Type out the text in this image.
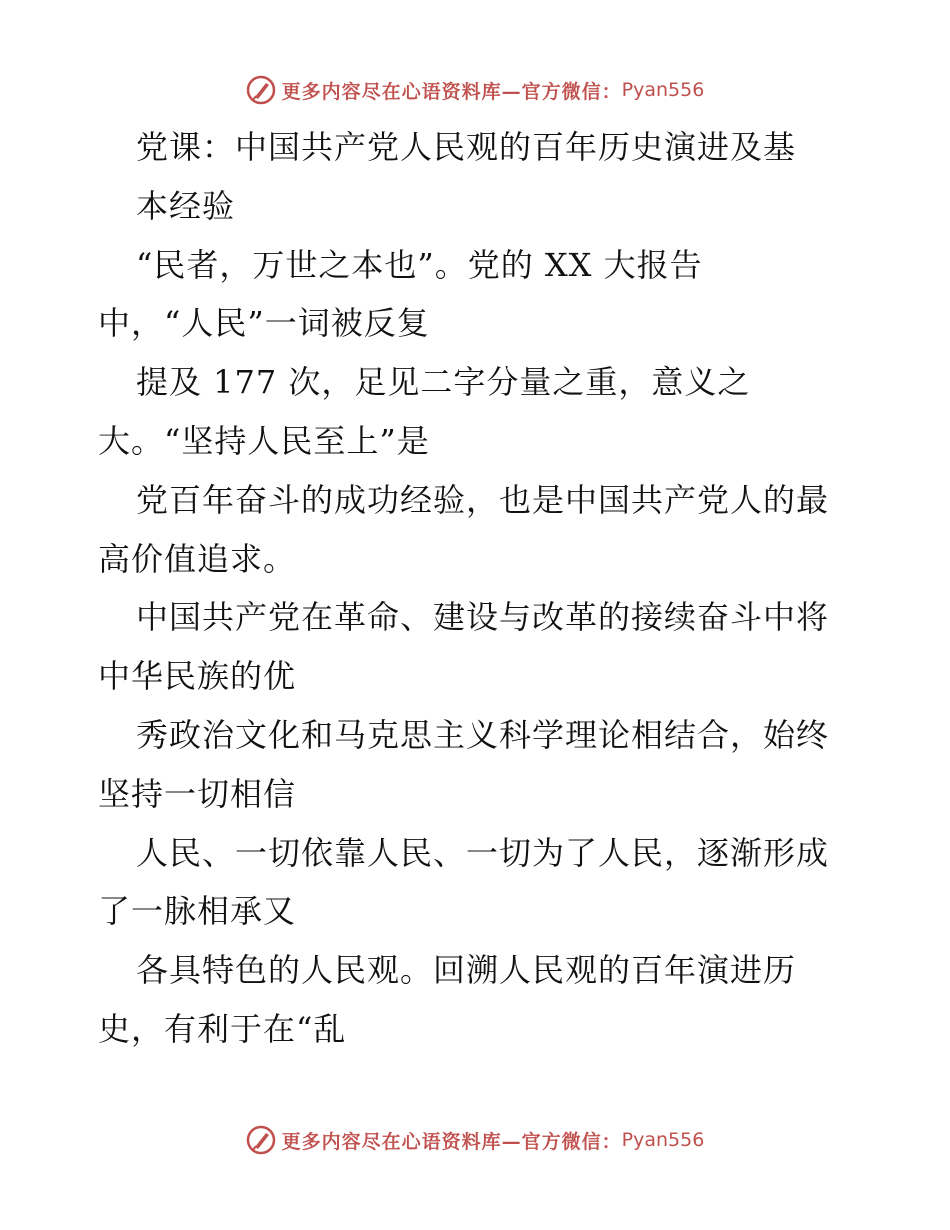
更多内容尽在心语资料库—官方微信： Pyan556
党课：中国共产党人民观的百年历史演进及基
本经验
“民者，万世之本也”。党的 XX 大报告
中，“人民”一词被反复
提及 177 次，足见二字分量之重，意义之
大。“坚持人民至上”是
党百年奋斗的成功经验，也是中国共产党人的最
高价值追求。
中国共产党在革命、建设与改革的接续奋斗中将
中华民族的优
秀政治文化和马克思主义科学理论相结合，始终
坚持一切相信
人民、一切依靠人民、一切为了人民，逐渐形成
了一脉相承又
各具特色的人民观。回溯人民观的百年演进历
史，有利于在“乱
更多内容尽在心语资料库—官方微信： Pyan556
